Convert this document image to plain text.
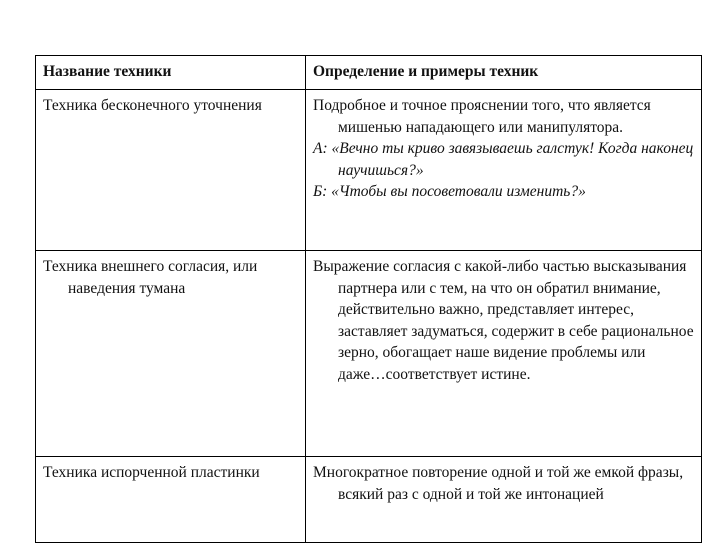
Название техники	Определение и примеры техник

Техника бесконечного уточнения	Подробное и точное прояснении того, что является мишенью нападающего или манипулятора.

А: «Вечно ты криво завязываешь галстук! Когда наконец научишься?»

Б: «Чтобы вы посоветовали изменить?»

Техника внешнего согласия, или наведения тумана	Выражение согласия с какой-либо частью высказывания партнера или с тем, на что он обратил внимание, действительно важно, представляет интерес, заставляет задуматься, содержит в себе рациональное зерно, обогащает наше видение проблемы или даже…соответствует истине.

Техника испорченной пластинки	Многократное повторение одной и той же емкой фразы, всякий раз с одной и той же интонацией
